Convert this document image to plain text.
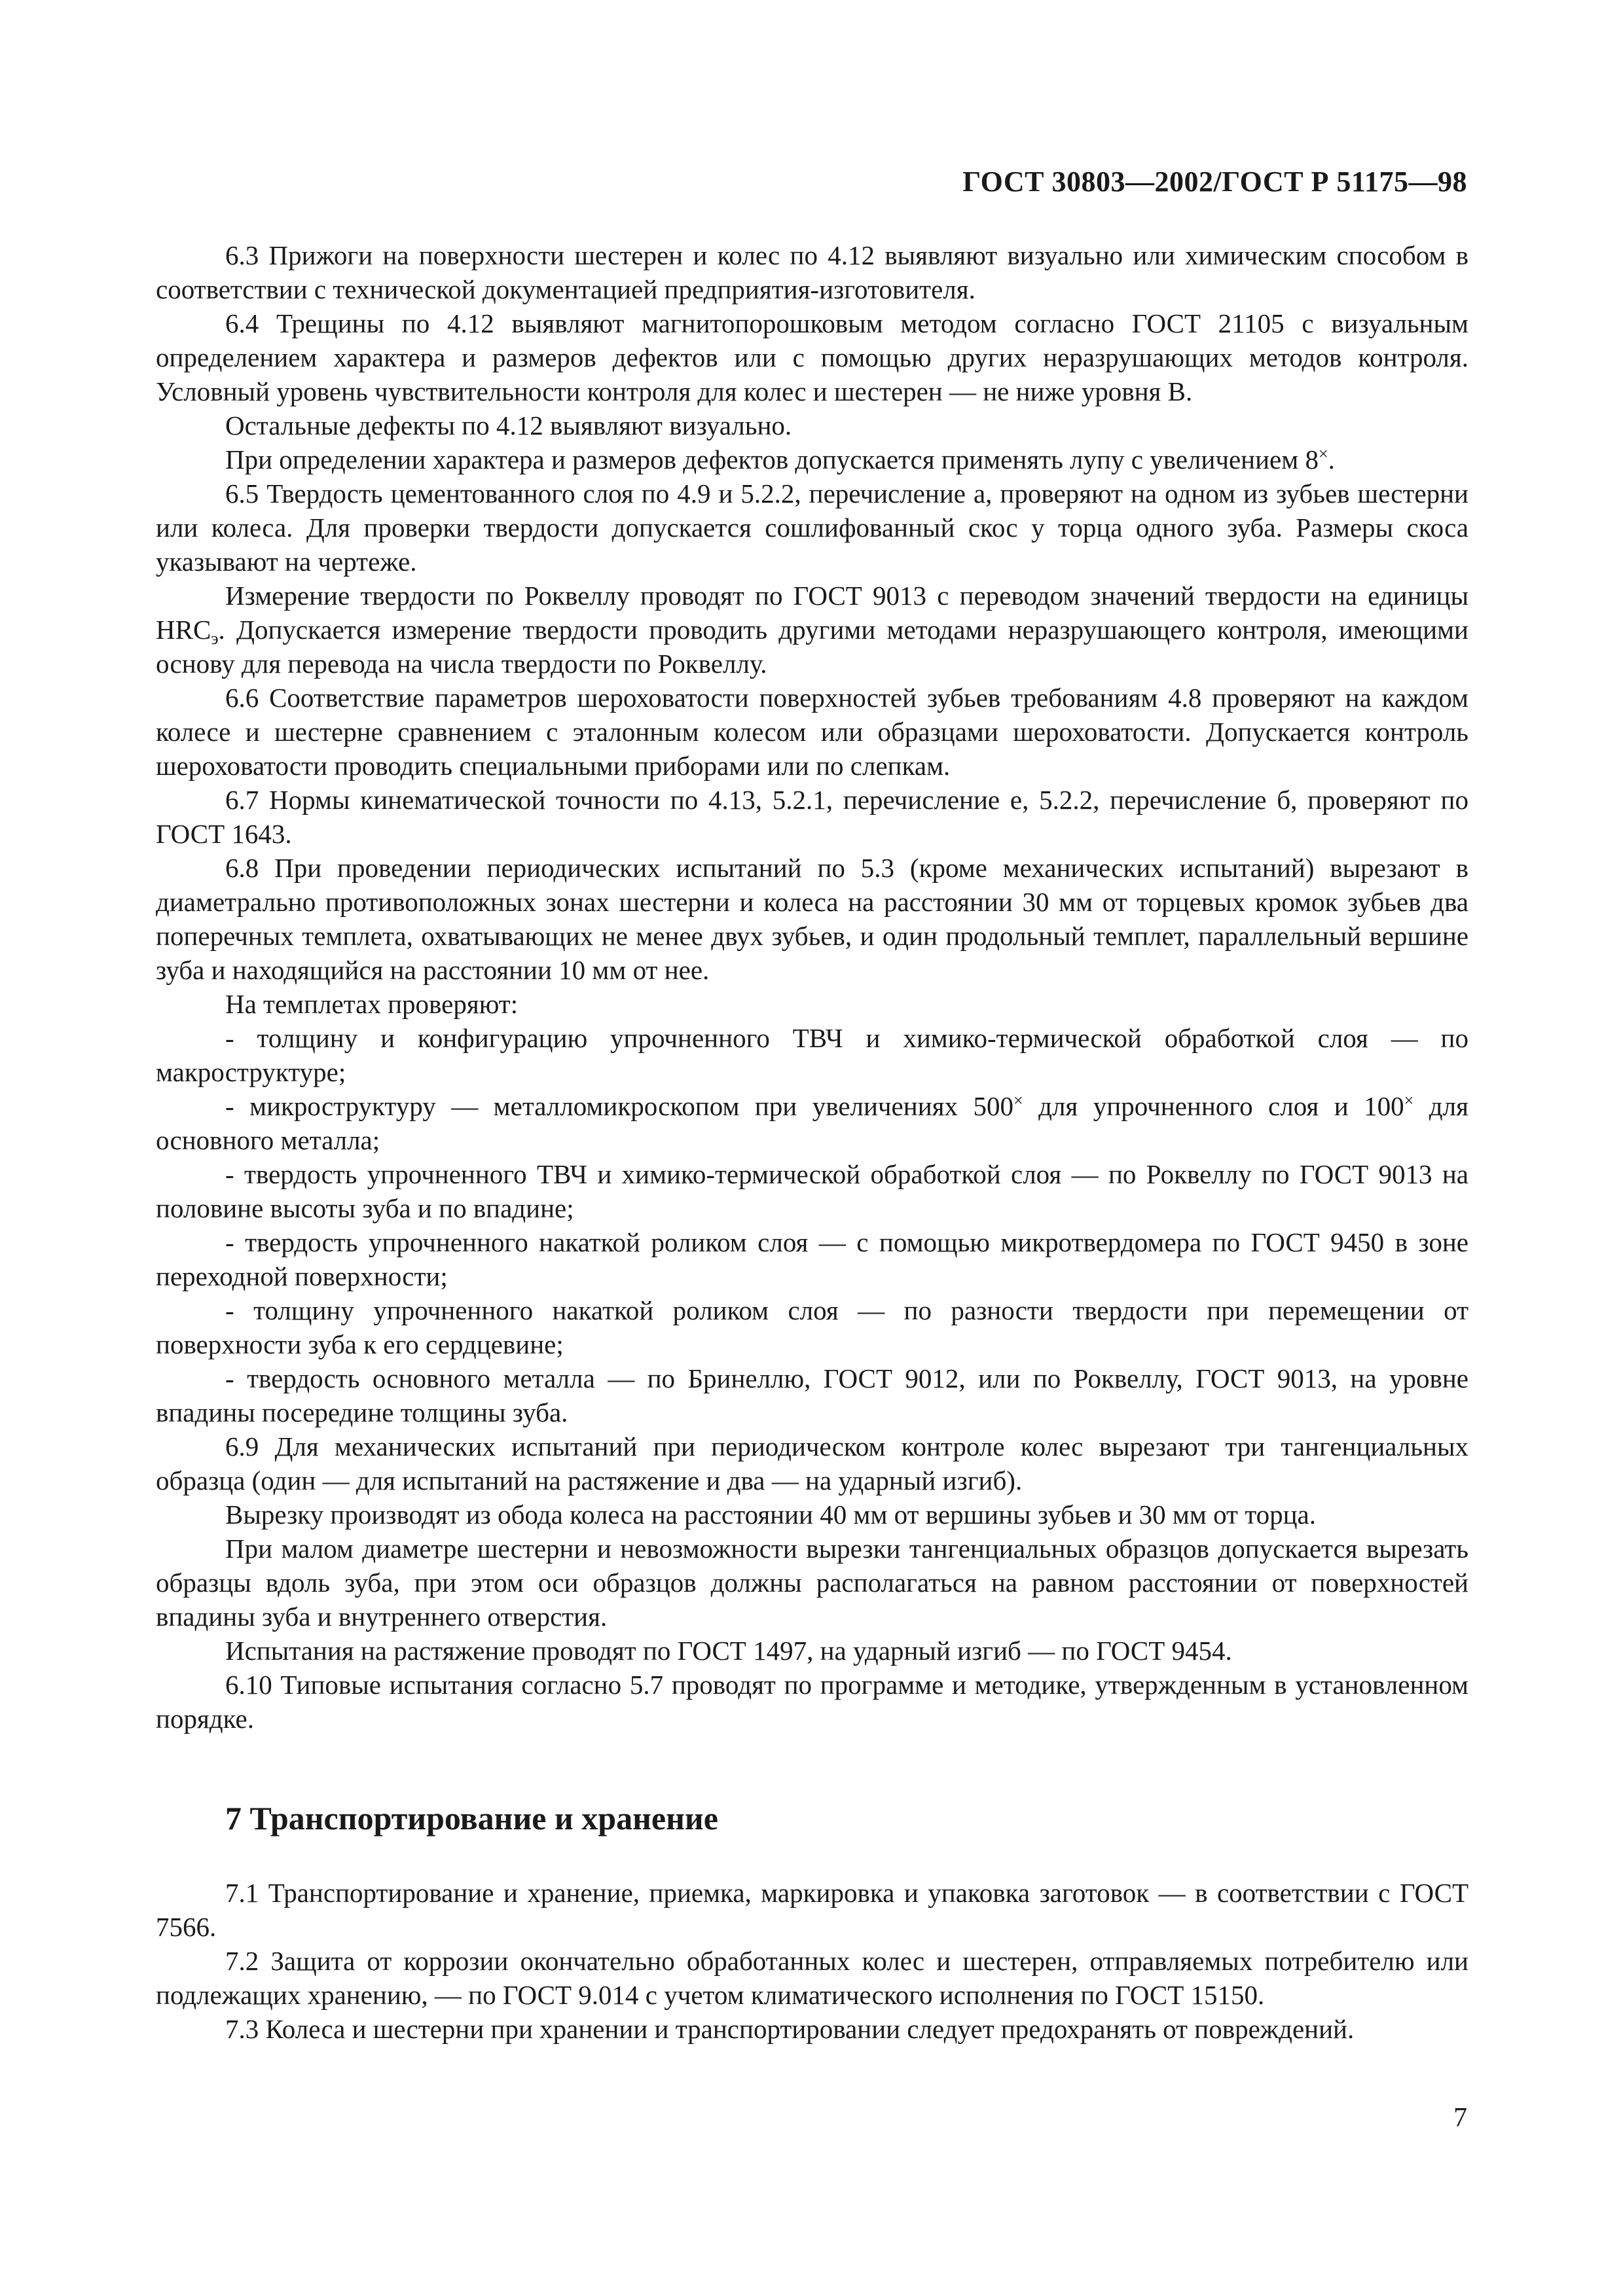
ГОСТ 30803—2002/ГОСТ Р 51175—98

6.3 Прижоги на поверхности шестерен и колес по 4.12 выявляют визуально или химическим способом в соответствии с технической документацией предприятия-изготовителя.

6.4 Трещины по 4.12 выявляют магнитопорошковым методом согласно ГОСТ 21105 с визуальным определением характера и размеров дефектов или с помощью других неразрушающих методов контроля. Условный уровень чувствительности контроля для колес и шестерен — не ниже уровня В.

Остальные дефекты по 4.12 выявляют визуально.

При определении характера и размеров дефектов допускается применять лупу с увеличением 8×.

6.5 Твердость цементованного слоя по 4.9 и 5.2.2, перечисление а, проверяют на одном из зубьев шестерни или колеса. Для проверки твердости допускается сошлифованный скос у торца одного зуба. Размеры скоса указывают на чертеже.

Измерение твердости по Роквеллу проводят по ГОСТ 9013 с переводом значений твердости на единицы $HRC_э$. Допускается измерение твердости проводить другими методами неразрушающего контроля, имеющими основу для перевода на числа твердости по Роквеллу.

6.6 Соответствие параметров шероховатости поверхностей зубьев требованиям 4.8 проверяют на каждом колесе и шестерне сравнением с эталонным колесом или образцами шероховатости. Допускается контроль шероховатости проводить специальными приборами или по слепкам.

6.7 Нормы кинематической точности по 4.13, 5.2.1, перечисление е, 5.2.2, перечисление б, проверяют по ГОСТ 1643.

6.8 При проведении периодических испытаний по 5.3 (кроме механических испытаний) вырезают в диаметрально противоположных зонах шестерни и колеса на расстоянии 30 мм от торцевых кромок зубьев два поперечных темплета, охватывающих не менее двух зубьев, и один продольный темплет, параллельный вершине зуба и находящийся на расстоянии 10 мм от нее.

На темплетах проверяют:

- толщину и конфигурацию упрочненного ТВЧ и химико-термической обработкой слоя — по макроструктуре;

- микроструктуру — металломикроскопом при увеличениях 500× для упрочненного слоя и 100× для основного металла;

- твердость упрочненного ТВЧ и химико-термической обработкой слоя — по Роквеллу по ГОСТ 9013 на половине высоты зуба и по впадине;

- твердость упрочненного накаткой роликом слоя — с помощью микротвердомера по ГОСТ 9450 в зоне переходной поверхности;

- толщину упрочненного накаткой роликом слоя — по разности твердости при перемещении от поверхности зуба к его сердцевине;

- твердость основного металла — по Бринеллю, ГОСТ 9012, или по Роквеллу, ГОСТ 9013, на уровне впадины посередине толщины зуба.

6.9 Для механических испытаний при периодическом контроле колес вырезают три тангенциальных образца (один — для испытаний на растяжение и два — на ударный изгиб).

Вырезку производят из обода колеса на расстоянии 40 мм от вершины зубьев и 30 мм от торца.

При малом диаметре шестерни и невозможности вырезки тангенциальных образцов допускается вырезать образцы вдоль зуба, при этом оси образцов должны располагаться на равном расстоянии от поверхностей впадины зуба и внутреннего отверстия.

Испытания на растяжение проводят по ГОСТ 1497, на ударный изгиб — по ГОСТ 9454.

6.10 Типовые испытания согласно 5.7 проводят по программе и методике, утвержденным в установленном порядке.

7 Транспортирование и хранение

7.1 Транспортирование и хранение, приемка, маркировка и упаковка заготовок — в соответствии с ГОСТ 7566.

7.2 Защита от коррозии окончательно обработанных колес и шестерен, отправляемых потребителю или подлежащих хранению, — по ГОСТ 9.014 с учетом климатического исполнения по ГОСТ 15150.

7.3 Колеса и шестерни при хранении и транспортировании следует предохранять от повреждений.

7
